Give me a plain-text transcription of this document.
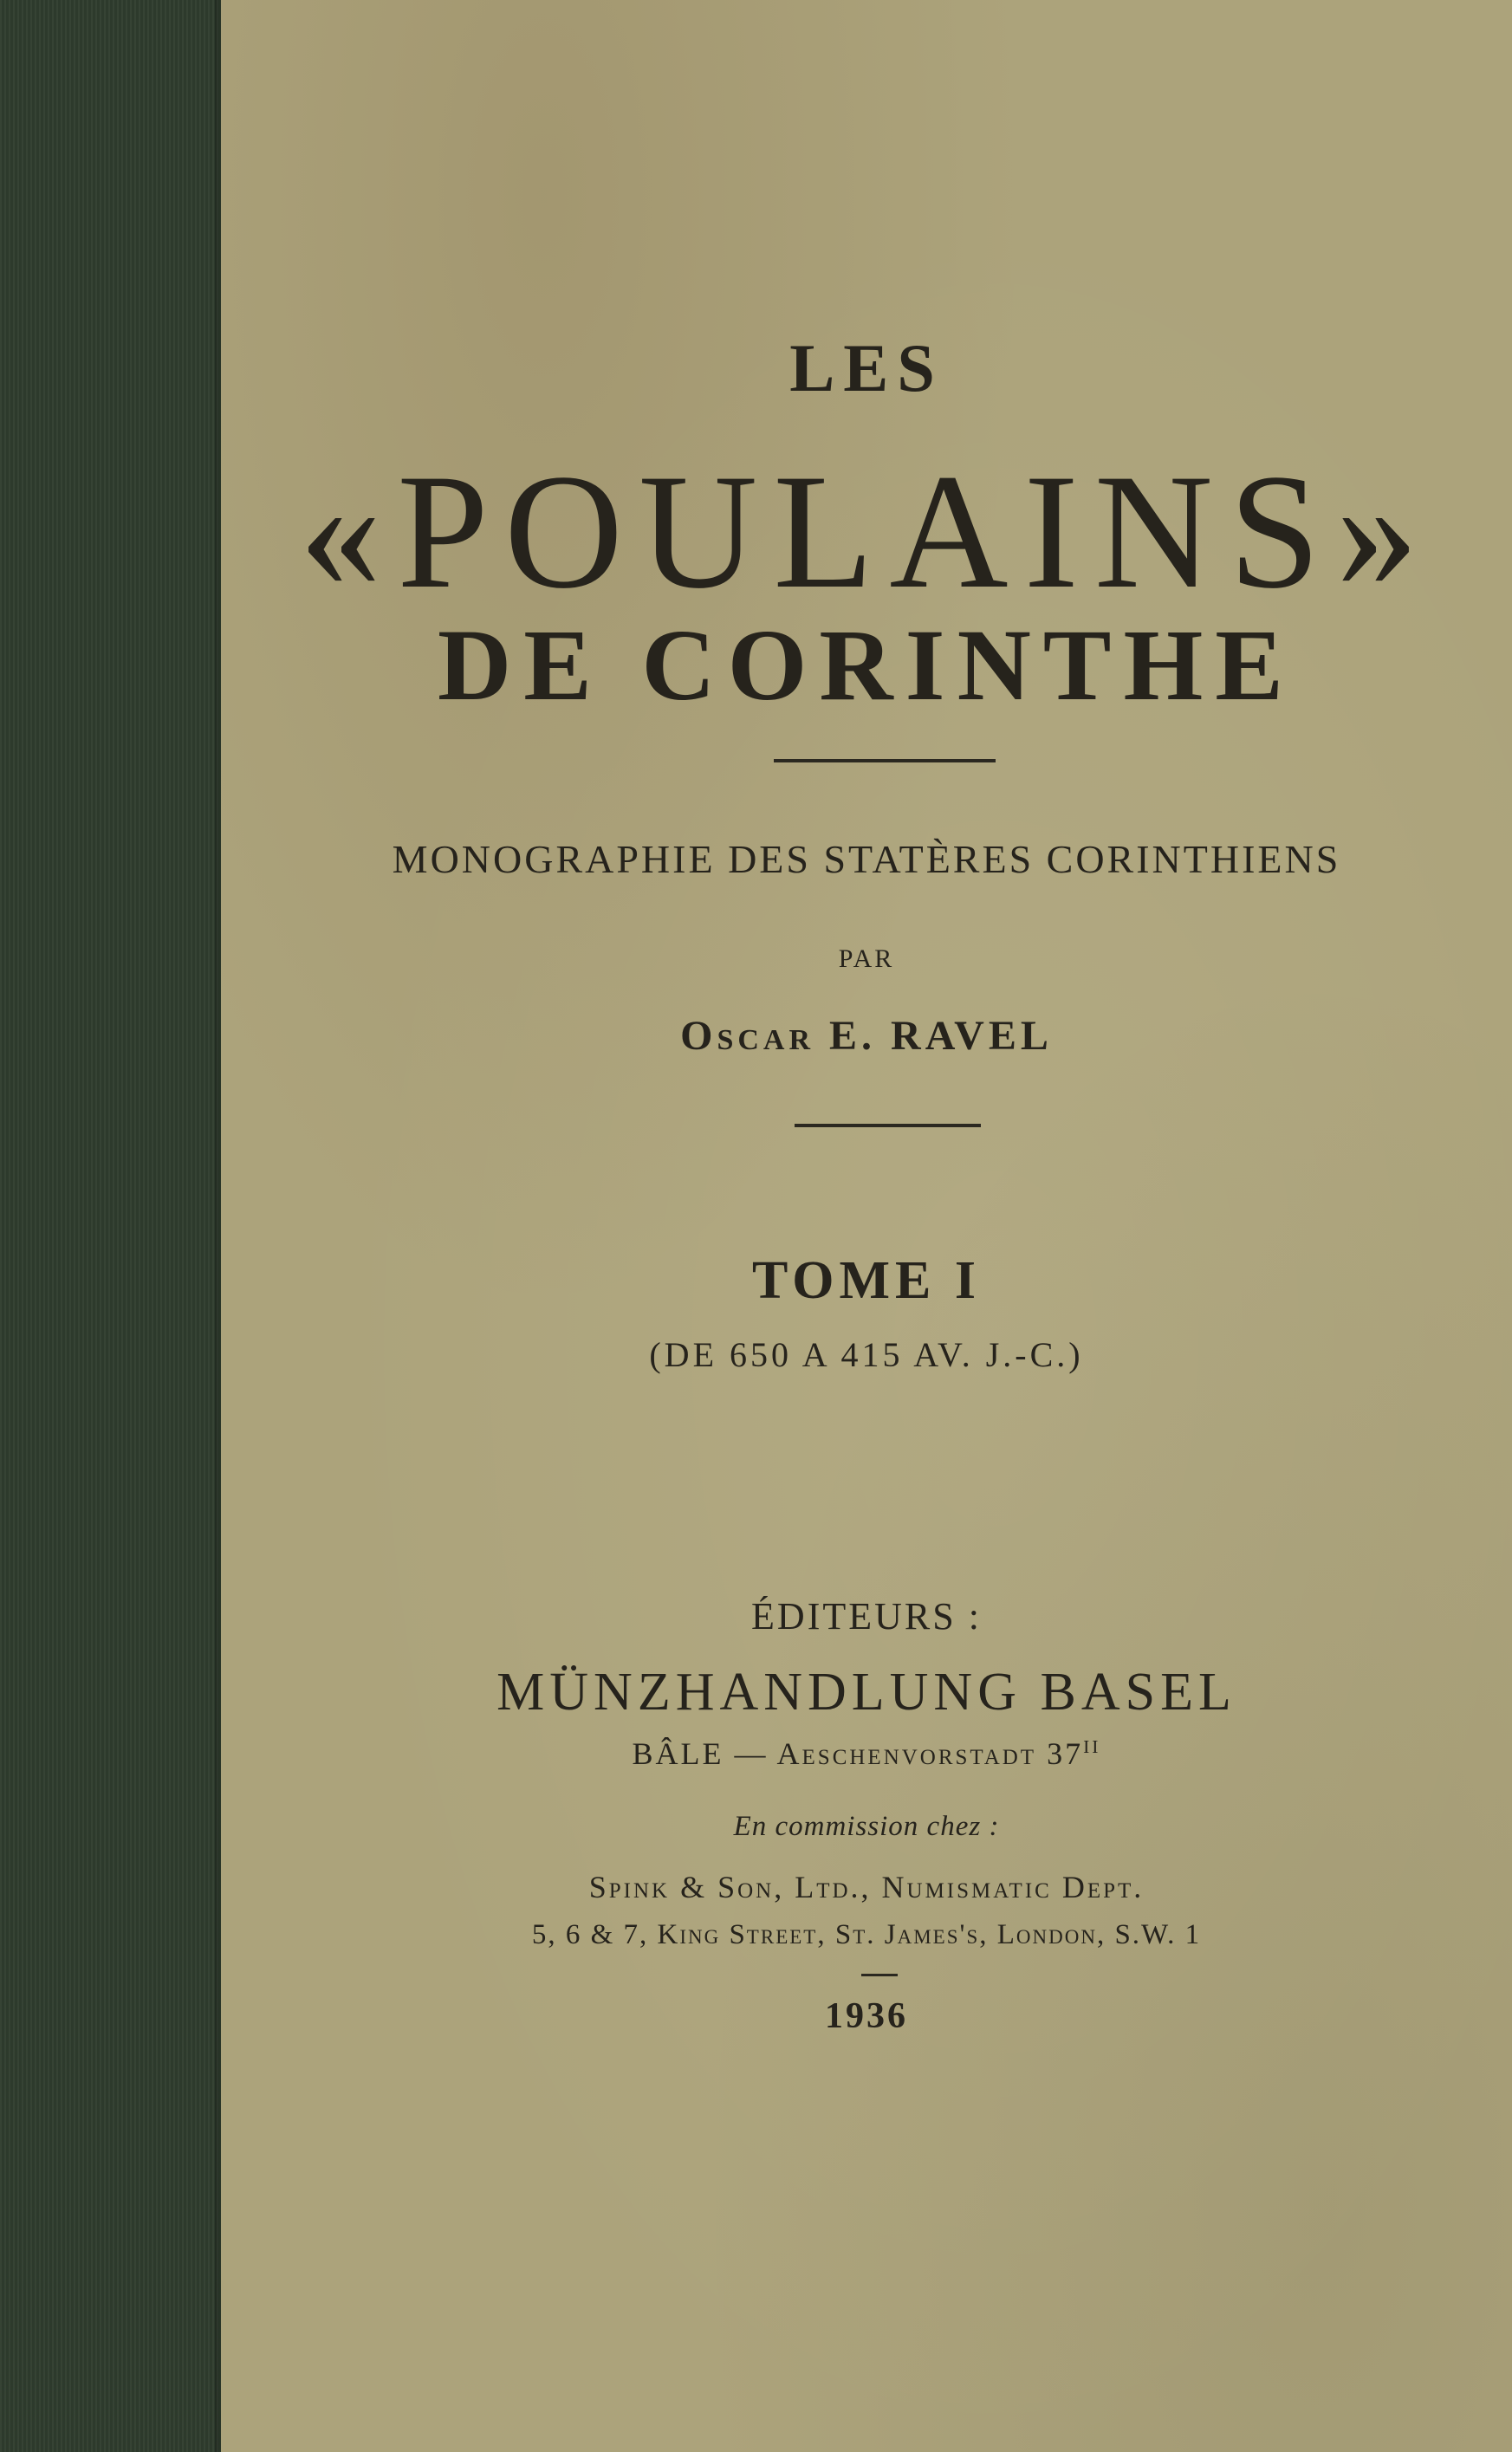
LES
«POULAINS»
DE CORINTHE
MONOGRAPHIE DES STATÈRES CORINTHIENS
PAR
Oscar E. RAVEL
TOME I
(DE 650 A 415 AV. J.-C.)
ÉDITEURS :
MÜNZHANDLUNG BASEL
BÂLE — Aeschenvorstadt $37^{II}$
En commission chez :
Spink & Son, Ltd., Numismatic Dept.
5, 6 & 7, King Street, St. James's, London, S.W. 1
1936
